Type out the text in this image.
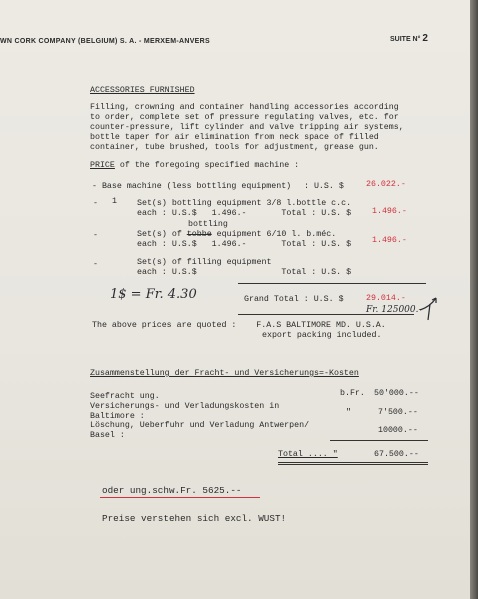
WN CORK COMPANY (BELGIUM) S. A. - MERXEM-ANVERS	SUITE N° 2
ACCESSORIES FURNISHED
Filling, crowning and container handling accessories according
to order, complete set of pressure regulating valves, etc. for
counter-pressure, lift cylinder and valve tripping air systems,
bottle taper for air elimination from neck space of filled
container, tube brushed, tools for adjustment, grease gun.
PRICE of the foregoing specified machine :
- Base machine (less bottling equipment) : U.S. $	26.022.-
- 1 Set(s) bottling equipment 3/8 l.bottle c.c.
each : U.S.$   1.496.-       Total : U.S. $	1.496.-
bottling
-	Set(s) of tobbe equipment 6/10 l. b.méc.
each : U.S.$   1.496.-       Total : U.S. $	1.496.-
-	Set(s) of filling equipment
each : U.S.$                 Total : U.S. $
1$ = Fr. 4.30	Grand Total : U.S. $	29.014.-
Fr. 125000.-
The above prices are quoted :    F.A.S BALTIMORE MD. U.S.A.
export packing included.
Zusammenstellung der Fracht- und Versicherungs=-Kosten
Seefracht ung.	b.Fr. 50'000.--
Versicherungs- und Verladungskosten in
Baltimore :	"	7'500.--
Löschung, Ueberfuhr und Verladung Antwerpen/
Basel :
10000.--
Total .... "	67.500.--
oder ung.schw.Fr. 5625.--
Preise verstehen sich excl. WUST!
